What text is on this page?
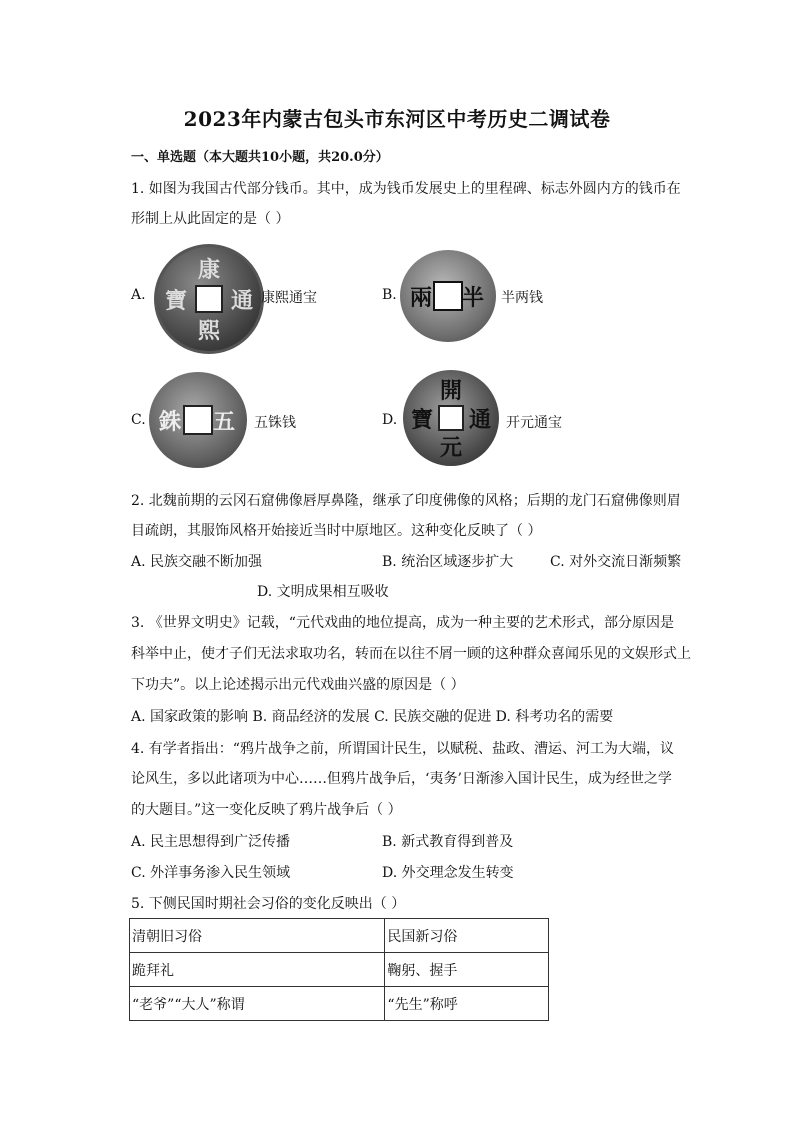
2023年内蒙古包头市东河区中考历史二调试卷
一、单选题（本大题共10小题，共20.0分）
1. 如图为我国古代部分钱币。其中，成为钱币发展史上的里程碑、标志外圆内方的钱币在
形制上从此固定的是（ ）
A.
康
熙
通
寶	康熙通宝	B.	半
兩	半两钱
C.	五
銖	五铢钱	D.
開
元
通
寶	开元通宝
2. 北魏前期的云冈石窟佛像唇厚鼻隆，继承了印度佛像的风格；后期的龙门石窟佛像则眉
目疏朗，其服饰风格开始接近当时中原地区。这种变化反映了（ ）
A. 民族交融不断加强	B. 统治区域逐步扩大	C. 对外交流日渐频繁
D. 文明成果相互吸收
3. 《世界文明史》记载，“元代戏曲的地位提高，成为一种主要的艺术形式，部分原因是
科举中止，使才子们无法求取功名，转而在以往不屑一顾的这种群众喜闻乐见的文娱形式上
下功夫”。以上论述揭示出元代戏曲兴盛的原因是（ ）
A. 国家政策的影响 B. 商品经济的发展 C. 民族交融的促进 D. 科考功名的需要
4. 有学者指出：“鸦片战争之前，所谓国计民生，以赋税、盐政、漕运、河工为大端，议
论风生，多以此诸项为中心……但鸦片战争后，‘夷务’日渐渗入国计民生，成为经世之学
的大题目。”这一变化反映了鸦片战争后（ ）
A. 民主思想得到广泛传播	B. 新式教育得到普及
C. 外洋事务渗入民生领域	D. 外交理念发生转变
5. 下侧民国时期社会习俗的变化反映出（ ）
清朝旧习俗	民国新习俗
跪拜礼	鞠躬、握手
“老爷”“大人”称谓	“先生”称呼
